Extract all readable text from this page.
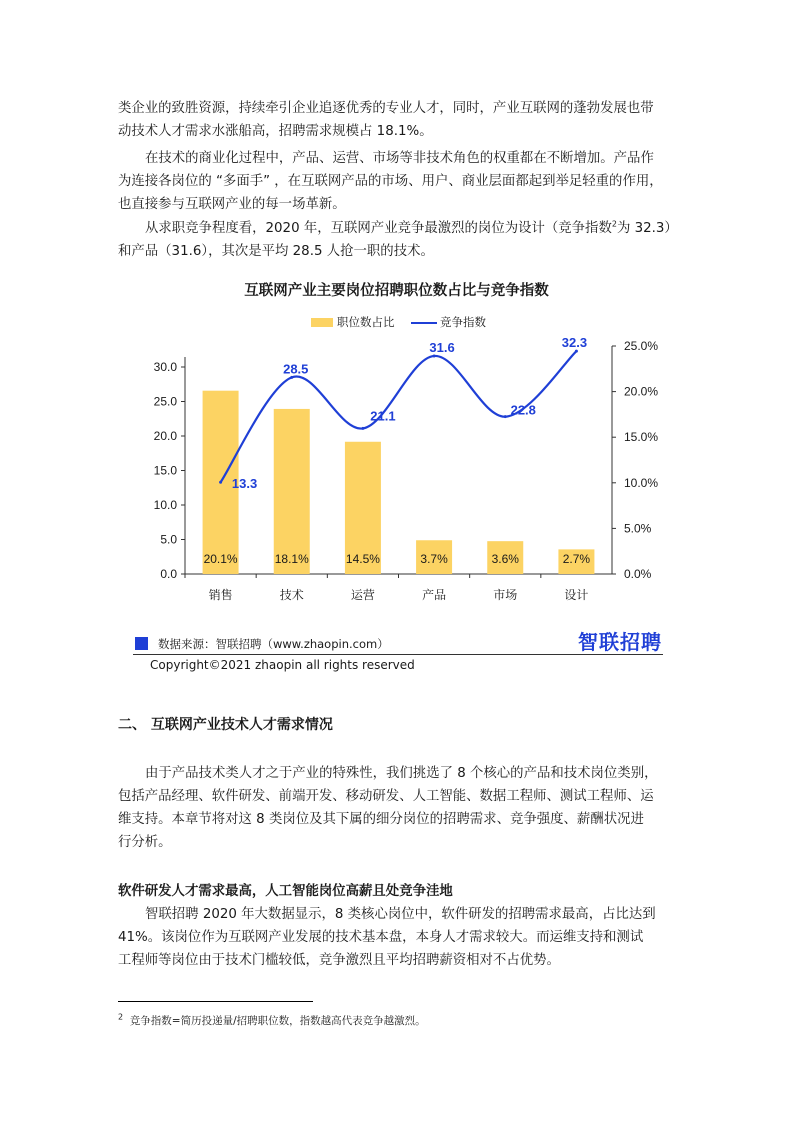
类企业的致胜资源，持续牵引企业追逐优秀的专业人才，同时，产业互联网的蓬勃发展也带
动技术人才需求水涨船高，招聘需求规模占 18.1%。
在技术的商业化过程中，产品、运营、市场等非技术角色的权重都在不断增加。产品作
为连接各岗位的 “多面手” ，在互联网产品的市场、用户、商业层面都起到举足轻重的作用，
也直接参与互联网产业的每一场革新。
从求职竞争程度看，2020 年，互联网产业竞争最激烈的岗位为设计（竞争指数$^2$为 32.3）
和产品（31.6），其次是平均 28.5 人抢一职的技术。
互联网产业主要岗位招聘职位数占比与竞争指数
职位数占比	竞争指数
0.0
5.0
10.0
15.0
20.0
25.0
30.0
0.0%
5.0%
10.0%
15.0%
20.0%
25.0%
20.1%	18.1%	14.5%	3.7%	3.6%	2.7%
销售	技术	运营	产品	市场	设计
13.3
28.5
21.1
31.6
22.8
32.3
数据来源：智联招聘（www.zhaopin.com）	智联招聘
Copyright©2021 zhaopin all rights reserved
二、 互联网产业技术人才需求情况
由于产品技术类人才之于产业的特殊性，我们挑选了 8 个核心的产品和技术岗位类别，
包括产品经理、软件研发、前端开发、移动研发、人工智能、数据工程师、测试工程师、运
维支持。本章节将对这 8 类岗位及其下属的细分岗位的招聘需求、竞争强度、薪酬状况进
行分析。
软件研发人才需求最高，人工智能岗位高薪且处竞争洼地
智联招聘 2020 年大数据显示，8 类核心岗位中，软件研发的招聘需求最高，占比达到
41%。该岗位作为互联网产业发展的技术基本盘，本身人才需求较大。而运维支持和测试
工程师等岗位由于技术门槛较低，竞争激烈且平均招聘薪资相对不占优势。
$^2$ 竞争指数=简历投递量/招聘职位数，指数越高代表竞争越激烈。
